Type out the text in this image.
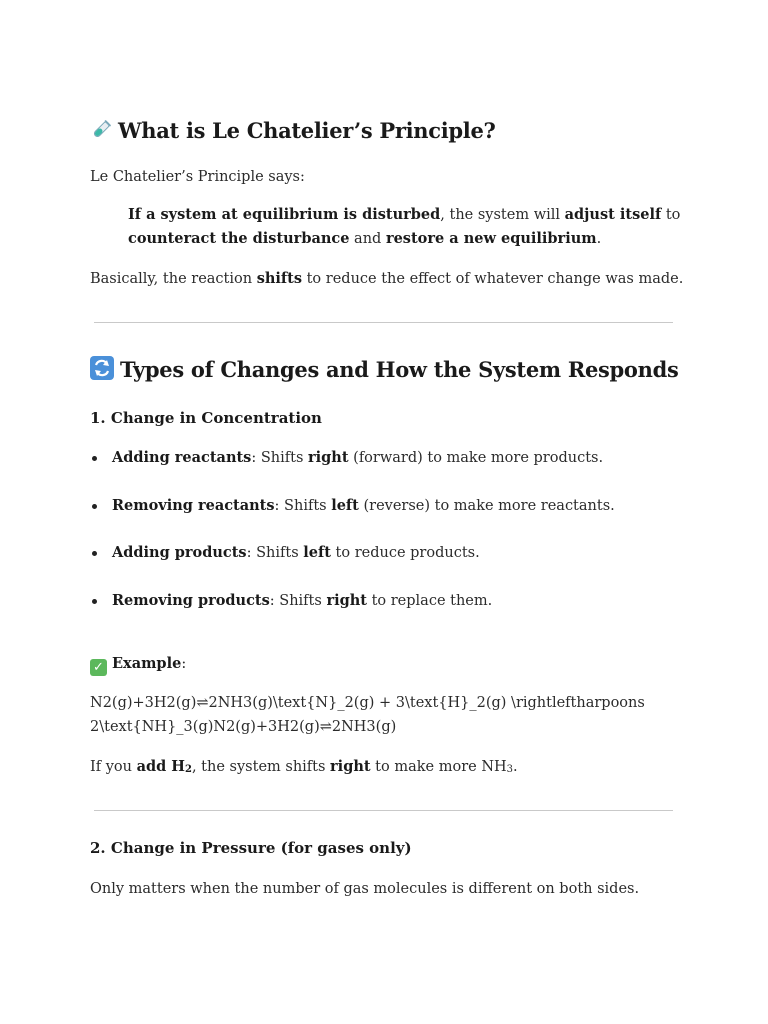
What is Le Chatelier’s Principle?

Le Chatelier’s Principle says:

If a system at equilibrium is disturbed, the system will adjust itself to
counteract the disturbance and restore a new equilibrium.

Basically, the reaction shifts to reduce the effect of whatever change was made.

Types of Changes and How the System Responds
1. Change in Concentration
Adding reactants: Shifts right (forward) to make more products.
Removing reactants: Shifts left (reverse) to make more reactants.
Adding products: Shifts left to reduce products.
Removing products: Shifts right to replace them.

✓ Example:

N2(g)+3H2(g)⇌2NH3(g)\text{N}_2(g) + 3\text{H}_2(g) \rightleftharpoons

2\text{NH}_3(g)N2(g)+3H2(g)⇌2NH3(g)

If you add H2, the system shifts right to make more NH3.

2. Change in Pressure (for gases only)

Only matters when the number of gas molecules is different on both sides.
